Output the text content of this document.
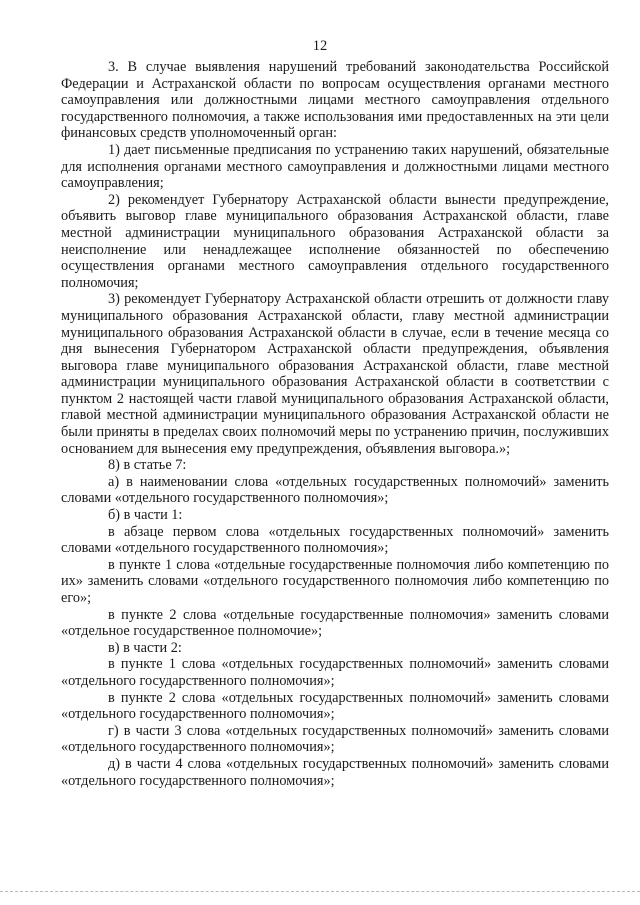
12

3. В случае выявления нарушений требований законодательства Российской Федерации и Астраханской области по вопросам осуществления органами местного самоуправления или должностными лицами местного самоуправления отдельного государственного полномочия, а также использования ими предоставленных на эти цели финансовых средств уполномоченный орган:

1) дает письменные предписания по устранению таких нарушений, обязательные для исполнения органами местного самоуправления и должностными лицами местного самоуправления;

2) рекомендует Губернатору Астраханской области вынести предупреждение, объявить выговор главе муниципального образования Астраханской области, главе местной администрации муниципального образования Астраханской области за неисполнение или ненадлежащее исполнение обязанностей по обеспечению осуществления органами местного самоуправления отдельного государственного полномочия;

3) рекомендует Губернатору Астраханской области отрешить от должности главу муниципального образования Астраханской области, главу местной администрации муниципального образования Астраханской области в случае, если в течение месяца со дня вынесения Губернатором Астраханской области предупреждения, объявления выговора главе муниципального образования Астраханской области, главе местной администрации муниципального образования Астраханской области в соответствии с пунктом 2 настоящей части главой муниципального образования Астраханской области, главой местной администрации муниципального образования Астраханской области не были приняты в пределах своих полномочий меры по устранению причин, послуживших основанием для вынесения ему предупреждения, объявления выговора.»;

8) в статье 7:

а) в наименовании слова «отдельных государственных полномочий» заменить словами «отдельного государственного полномочия»;

б) в части 1:

в абзаце первом слова «отдельных государственных полномочий» заменить словами «отдельного государственного полномочия»;

в пункте 1 слова «отдельные государственные полномочия либо компетенцию по их» заменить словами «отдельного государственного полномочия либо компетенцию по его»;

в пункте 2 слова «отдельные государственные полномочия» заменить словами «отдельное государственное полномочие»;

в) в части 2:

в пункте 1 слова «отдельных государственных полномочий» заменить словами «отдельного государственного полномочия»;

в пункте 2 слова «отдельных государственных полномочий» заменить словами «отдельного государственного полномочия»;

г) в части 3 слова «отдельных государственных полномочий» заменить словами «отдельного государственного полномочия»;

д) в части 4 слова «отдельных государственных полномочий» заменить словами «отдельного государственного полномочия»;
